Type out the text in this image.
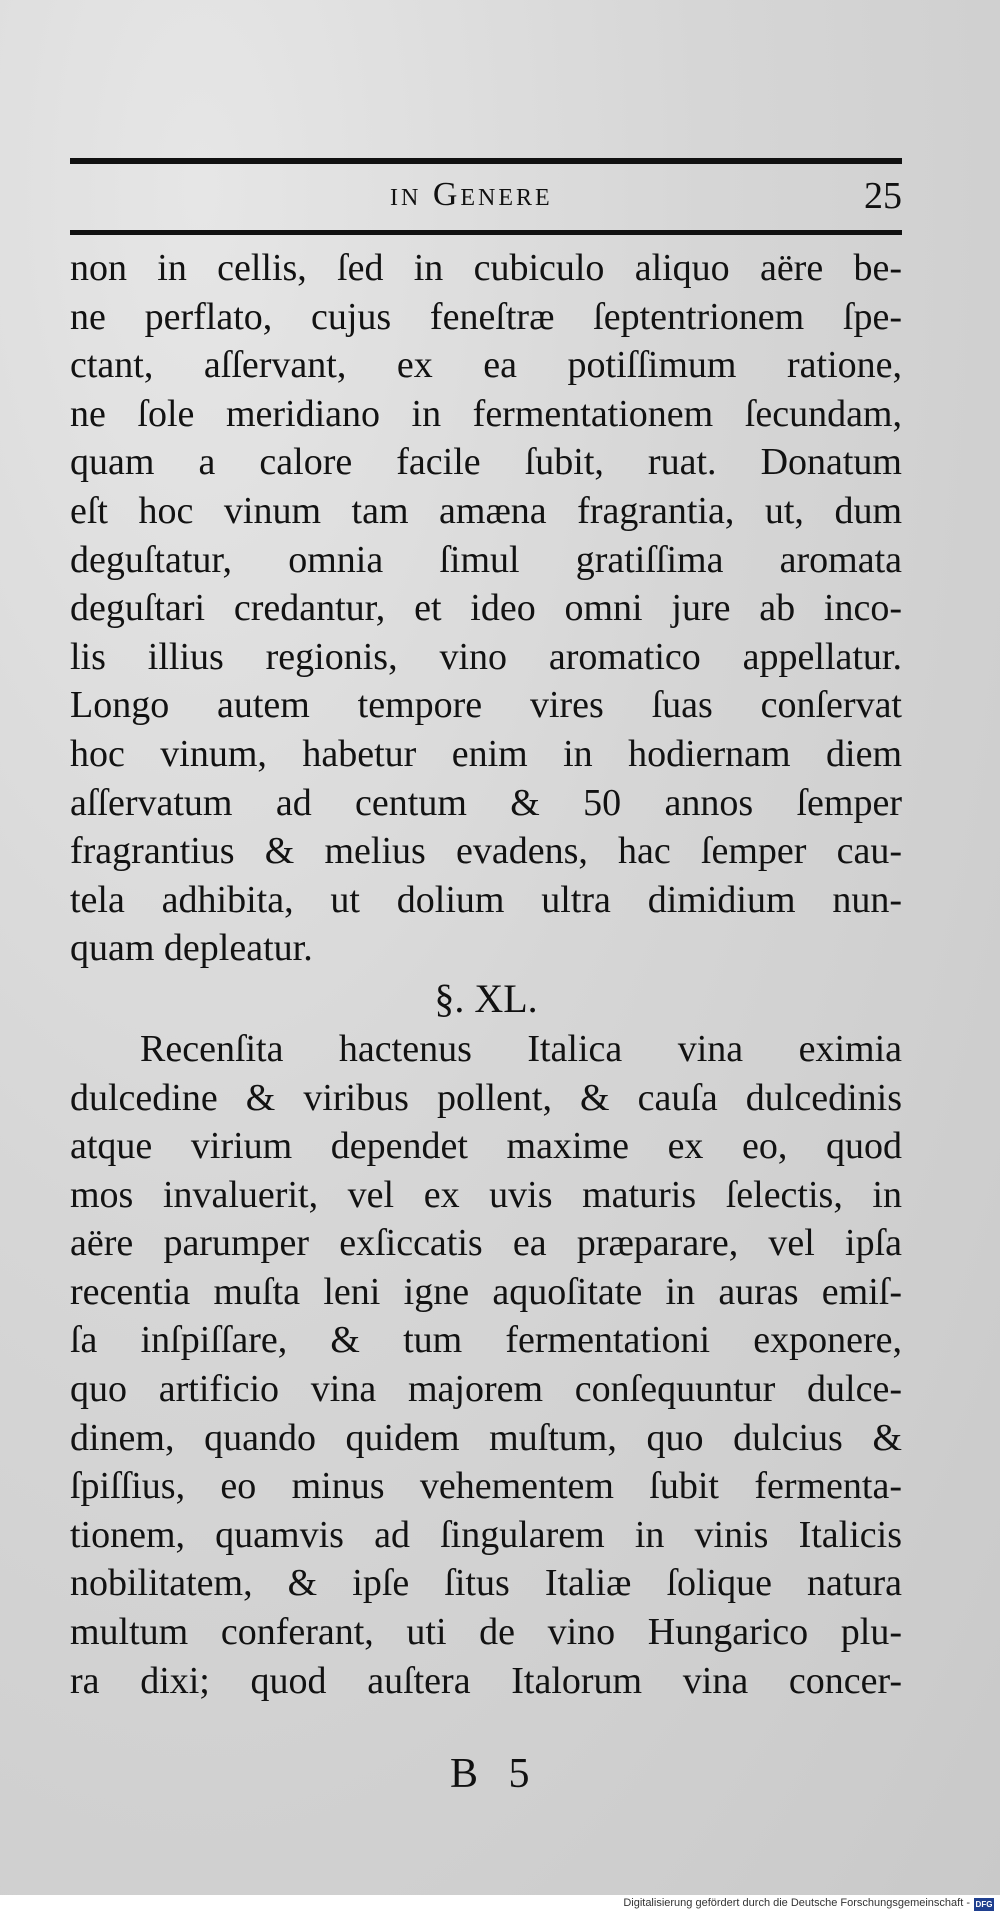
in Genere	25
non in cellis, ſed in cubiculo aliquo aëre be-
ne perflato, cujus feneſtræ ſeptentrionem ſpe-
ctant, aſſervant, ex ea potiſſimum ratione,
ne ſole meridiano in fermentationem ſecundam,
quam a calore facile ſubit, ruat. Donatum
eſt hoc vinum tam amæna fragrantia, ut, dum
deguſtatur, omnia ſimul gratiſſima aromata
deguſtari credantur, et ideo omni jure ab inco-
lis illius regionis, vino aromatico appellatur.
Longo autem tempore vires ſuas conſervat
hoc vinum, habetur enim in hodiernam diem
aſſervatum ad centum & 50 annos ſemper
fragrantius & melius evadens, hac ſemper cau-
tela adhibita, ut dolium ultra dimidium nun-
quam depleatur.
§. XL.
Recenſita hactenus Italica vina eximia
dulcedine & viribus pollent, & cauſa dulcedinis
atque virium dependet maxime ex eo, quod
mos invaluerit, vel ex uvis maturis ſelectis, in
aëre parumper exſiccatis ea præparare, vel ipſa
recentia muſta leni igne aquoſitate in auras emiſ-
ſa inſpiſſare, & tum fermentationi exponere,
quo artificio vina majorem conſequuntur dulce-
dinem, quando quidem muſtum, quo dulcius &
ſpiſſius, eo minus vehementem ſubit fermenta-
tionem, quamvis ad ſingularem in vinis Italicis
nobilitatem, & ipſe ſitus Italiæ ſolique natura
multum conferant, uti de vino Hungarico plu-
ra dixi; quod auſtera Italorum vina concer-
B 5
Digitalisierung gefördert durch die Deutsche Forschungsgemeinschaft - DFG
